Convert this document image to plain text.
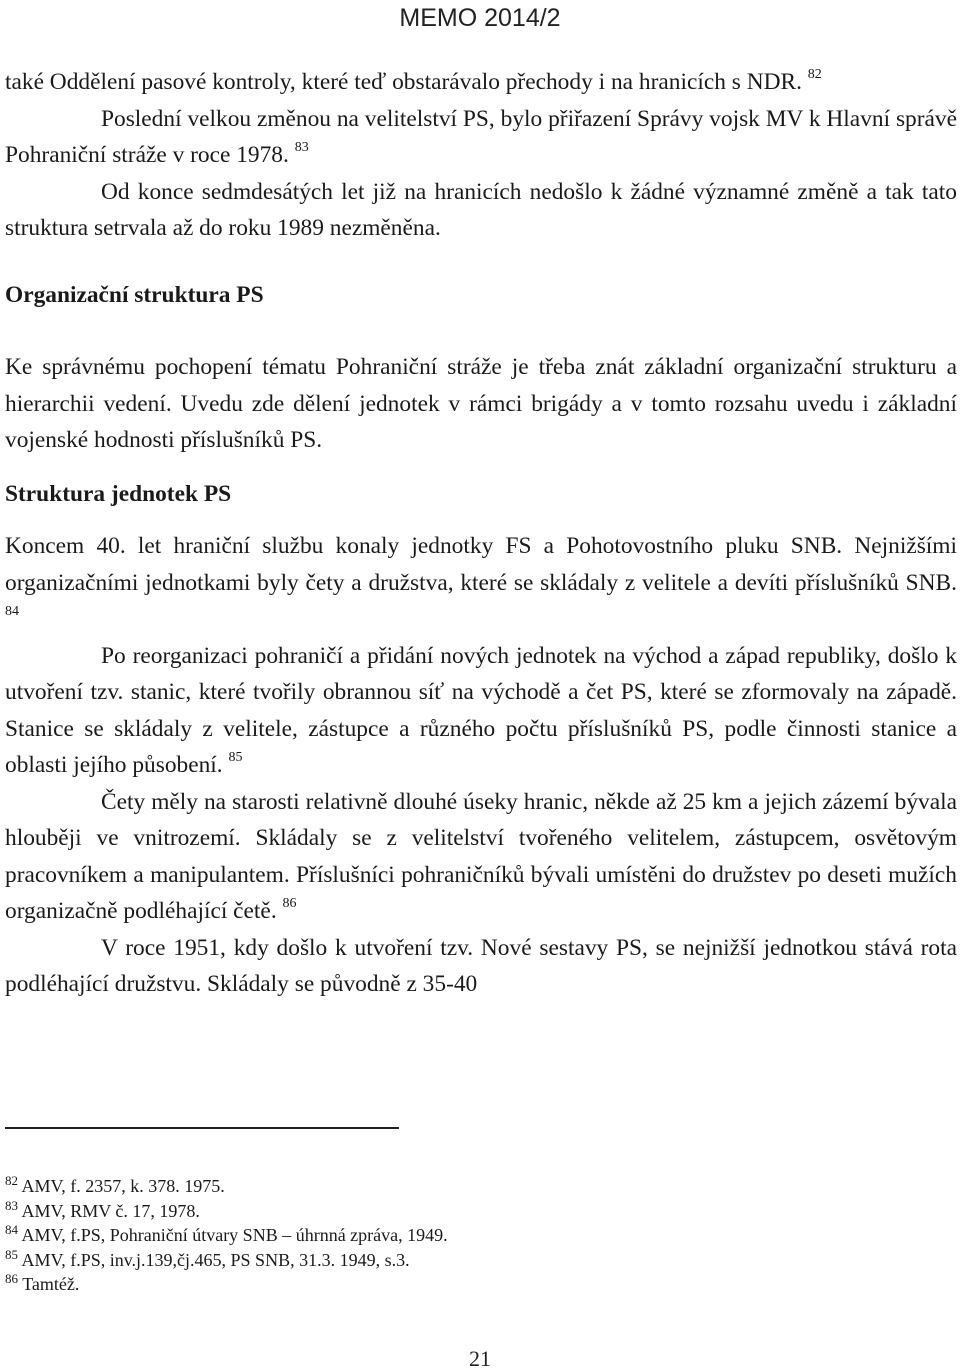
MEMO 2014/2

také Oddělení pasové kontroly, které teď obstarávalo přechody i na hranicích s NDR. $^{82}$

Poslední velkou změnou na velitelství PS, bylo přiřazení Správy vojsk MV k Hlavní správě Pohraniční stráže v roce 1978. $^{83}$

Od konce sedmdesátých let již na hranicích nedošlo k žádné významné změně a tak tato struktura setrvala až do roku 1989 nezměněna.

Organizační struktura PS

Ke správnému pochopení tématu Pohraniční stráže je třeba znát základní organizační strukturu a hierarchii vedení. Uvedu zde dělení jednotek v rámci brigády a v tomto rozsahu uvedu i základní vojenské hodnosti příslušníků PS.

Struktura jednotek PS

Koncem 40. let hraniční službu konaly jednotky FS a Pohotovostního pluku SNB. Nejnižšími organizačními jednotkami byly čety a družstva, které se skládaly z velitele a devíti příslušníků SNB. $^{84}$

Po reorganizaci pohraničí a přidání nových jednotek na východ a západ republiky, došlo k utvoření tzv. stanic, které tvořily obrannou síť na východě a čet PS, které se zformovaly na západě. Stanice se skládaly z velitele, zástupce a různého počtu příslušníků PS, podle činnosti stanice a oblasti jejího působení. $^{85}$

Čety měly na starosti relativně dlouhé úseky hranic, někde až 25 km a jejich zázemí bývala hlouběji ve vnitrozemí. Skládaly se z velitelství tvořeného velitelem, zástupcem, osvětovým pracovníkem a manipulantem. Příslušníci pohraničníků bývali umístěni do družstev po deseti mužích organizačně podléhající četě. $^{86}$

V roce 1951, kdy došlo k utvoření tzv. Nové sestavy PS, se nejnižší jednotkou stává rota podléhající družstvu. Skládaly se původně z 35-40

$^{82}$ AMV, f. 2357, k. 378. 1975.

$^{83}$ AMV, RMV č. 17, 1978.

$^{84}$ AMV, f.PS, Pohraniční útvary SNB – úhrnná zpráva, 1949.

$^{85}$ AMV, f.PS, inv.j.139,čj.465, PS SNB, 31.3. 1949, s.3.

$^{86}$ Tamtéž.

21
